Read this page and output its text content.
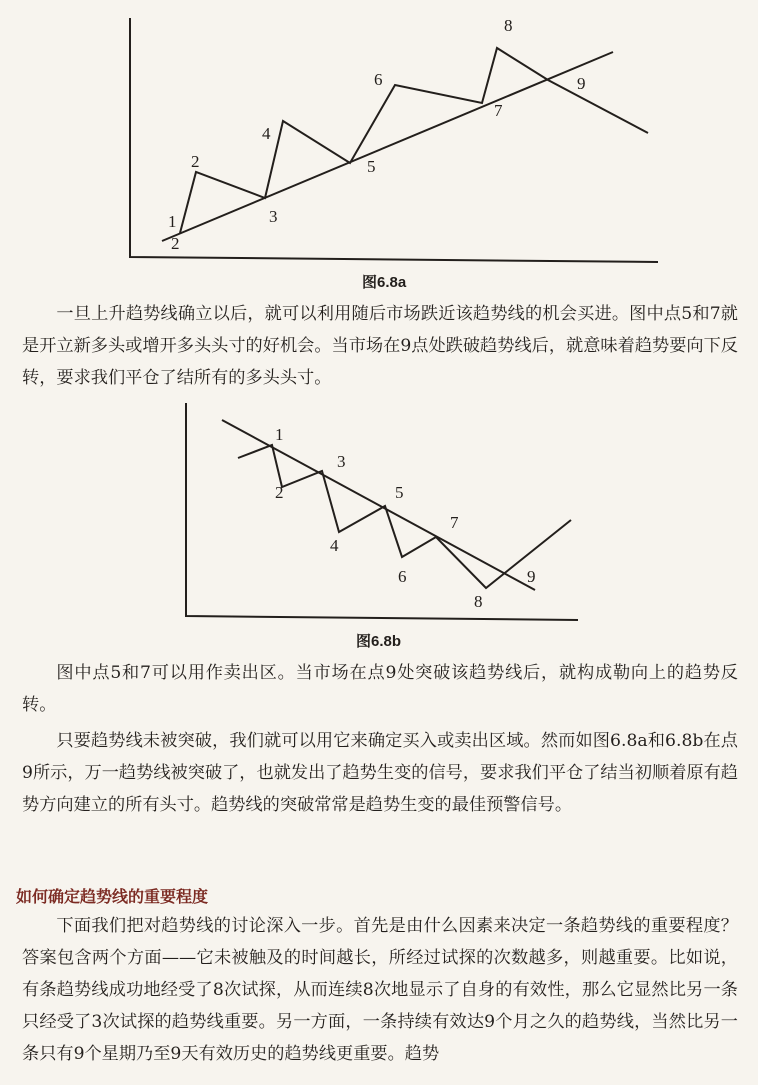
1
2
2
3
4
5
6
7
8
9
图6.8a

一旦上升趋势线确立以后，就可以利用随后市场跌近该趋势线的机会买进。图中点5和7就是开立新多头或增开多头头寸的好机会。当市场在9点处跌破趋势线后，就意味着趋势要向下反转，要求我们平仓了结所有的多头头寸。

1
2
3
4
5
6
7
8
9
图6.8b

图中点5和7可以用作卖出区。当市场在点9处突破该趋势线后，就构成勒向上的趋势反转。

只要趋势线未被突破，我们就可以用它来确定买入或卖出区域。然而如图6.8a和6.8b在点9所示，万一趋势线被突破了，也就发出了趋势生变的信号，要求我们平仓了结当初顺着原有趋势方向建立的所有头寸。趋势线的突破常常是趋势生变的最佳预警信号。

如何确定趋势线的重要程度

下面我们把对趋势线的讨论深入一步。首先是由什么因素来决定一条趋势线的重要程度？答案包含两个方面——它未被触及的时间越长，所经过试探的次数越多，则越重要。比如说，有条趋势线成功地经受了8次试探，从而连续8次地显示了自身的有效性，那么它显然比另一条只经受了3次试探的趋势线重要。另一方面，一条持续有效达9个月之久的趋势线，当然比另一条只有9个星期乃至9天有效历史的趋势线更重要。趋势
